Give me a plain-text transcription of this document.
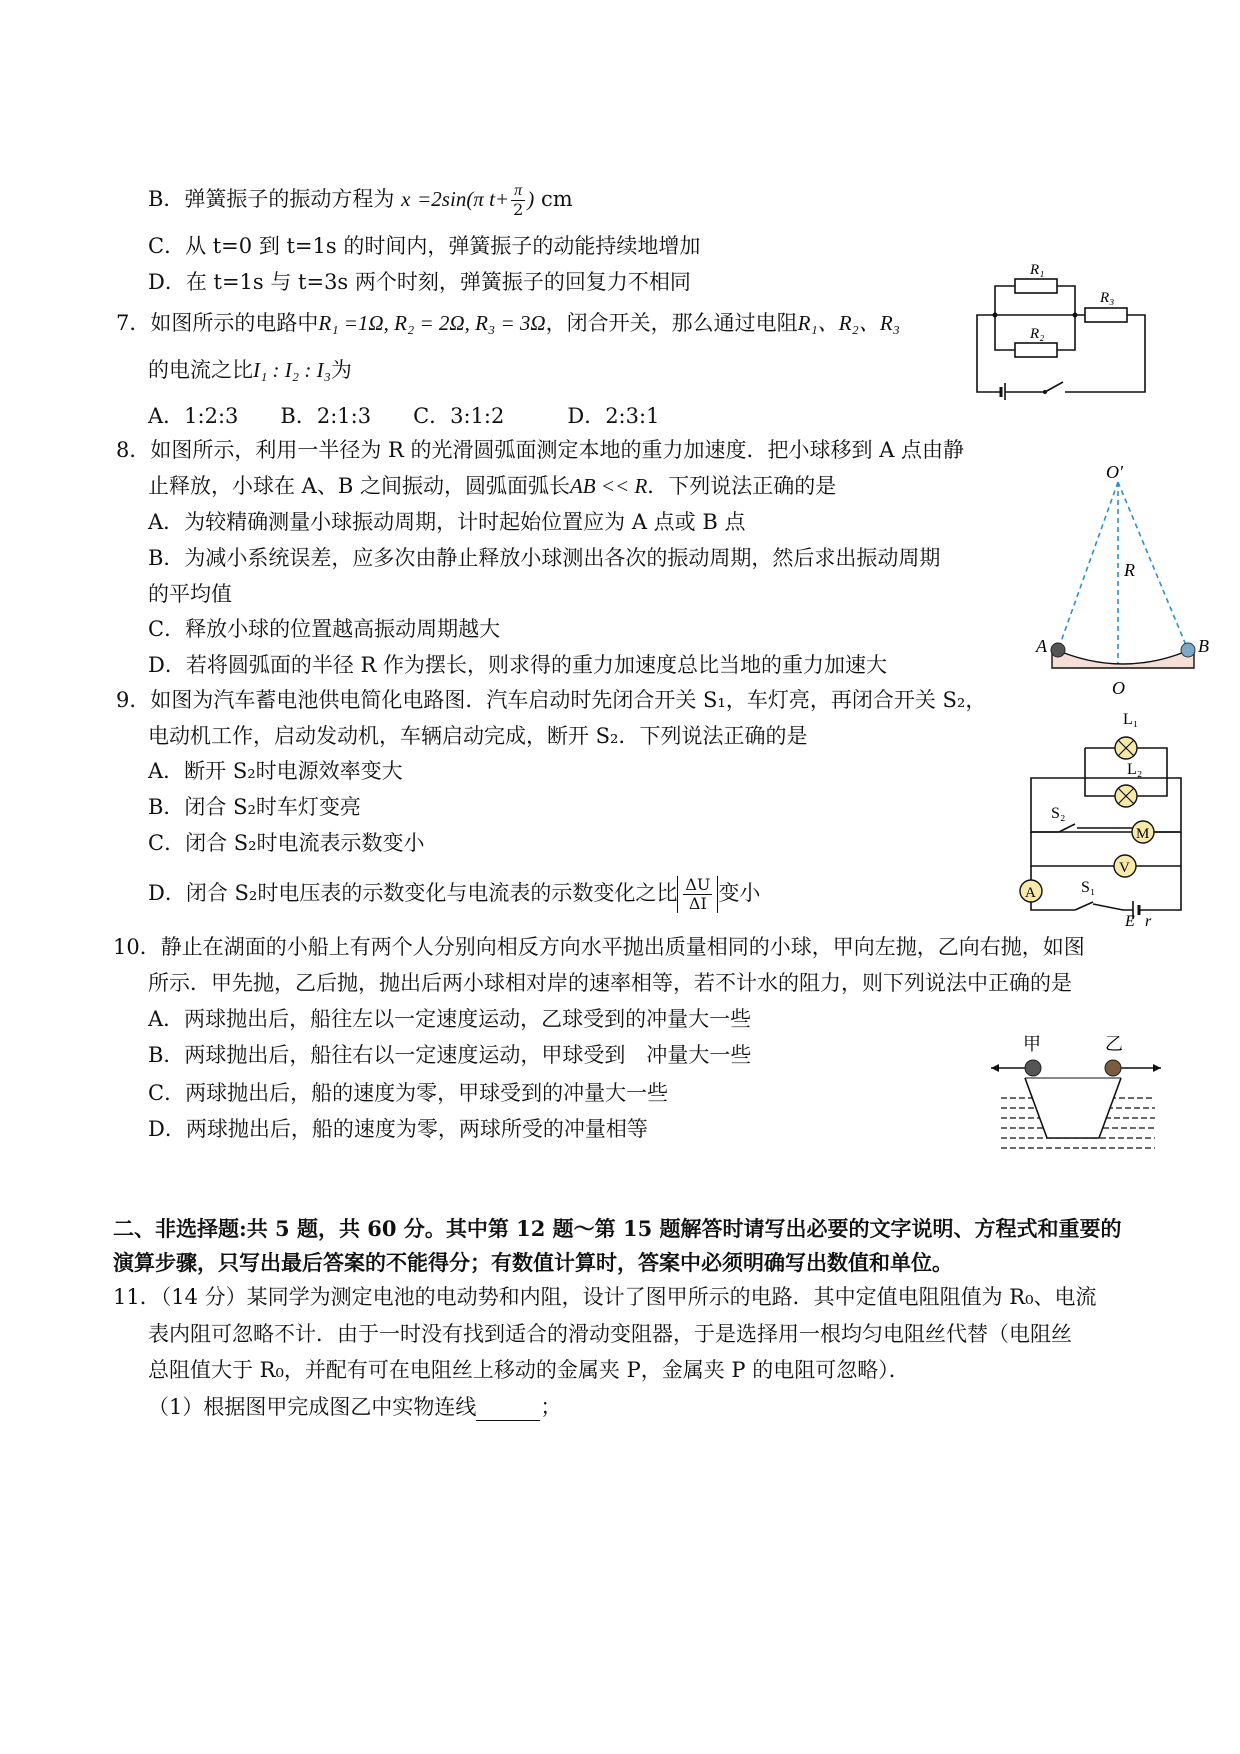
B．弹簧振子的振动方程为 x =2sin(π $t+ \frac{\pi}{2}$ ) cm
C．从 t=0 到 t=1s 的时间内，弹簧振子的动能持续地增加
D．在 t=1s 与 t=3s 两个时刻，弹簧振子的回复力不相同
7．如图所示的电路中R₁ =1Ω, R₂ = 2Ω, R₃ = 3Ω，闭合开关，那么通过电阻R₁、R₂、R₃
的电流之比I₁ : I₂ : I₃为
A．1:2:3　　B．2:1:3　　C．3:1:2　　　D．2:3:1
R₁
R₂
R₃
8．如图所示，利用一半径为 R 的光滑圆弧面测定本地的重力加速度．把小球移到 A 点由静
止释放，小球在 A、B 之间振动，圆弧面弧长AB << R．下列说法正确的是
A．为较精确测量小球振动周期，计时起始位置应为 A 点或 B 点
B．为减小系统误差，应多次由静止释放小球测出各次的振动周期，然后求出振动周期
的平均值
C．释放小球的位置越高振动周期越大
D．若将圆弧面的半径 R 作为摆长，则求得的重力加速度总比当地的重力加速大
O′
R
A	B
O
9．如图为汽车蓄电池供电简化电路图．汽车启动时先闭合开关 S₁，车灯亮，再闭合开关 S₂，
电动机工作，启动发动机，车辆启动完成，断开 S₂．下列说法正确的是
A．断开 S₂时电源效率变大
B．闭合 S₂时车灯变亮
C．闭合 S₂时电流表示数变小
D．闭合 S₂时电压表的示数变化与电流表的示数变化之比 $\frac{\Delta U}{\Delta I}$ 变小
M
V
A
L₁
L₂
S₂
S₁
E r
10．静止在湖面的小船上有两个人分别向相反方向水平抛出质量相同的小球，甲向左抛，乙向右抛，如图
所示．甲先抛，乙后抛，抛出后两小球相对岸的速率相等，若不计水的阻力，则下列说法中正确的是
A．两球抛出后，船往左以一定速度运动，乙球受到的冲量大一些
B．两球抛出后，船往右以一定速度运动，甲球受到　冲量大一些
C．两球抛出后，船的速度为零，甲球受到的冲量大一些
D．两球抛出后，船的速度为零，两球所受的冲量相等
甲	乙
二、非选择题:共 5 题，共 60 分。其中第 12 题～第 15 题解答时请写出必要的文字说明、方程式和重要的
演算步骤，只写出最后答案的不能得分；有数值计算时，答案中必须明确写出数值和单位。
11．（14 分）某同学为测定电池的电动势和内阻，设计了图甲所示的电路．其中定值电阻阻值为 R₀、电流
表内阻可忽略不计．由于一时没有找到适合的滑动变阻器，于是选择用一根均匀电阻丝代替（电阻丝
总阻值大于 R₀，并配有可在电阻丝上移动的金属夹 P，金属夹 P 的电阻可忽略）．
（1）根据图甲完成图乙中实物连线	；
